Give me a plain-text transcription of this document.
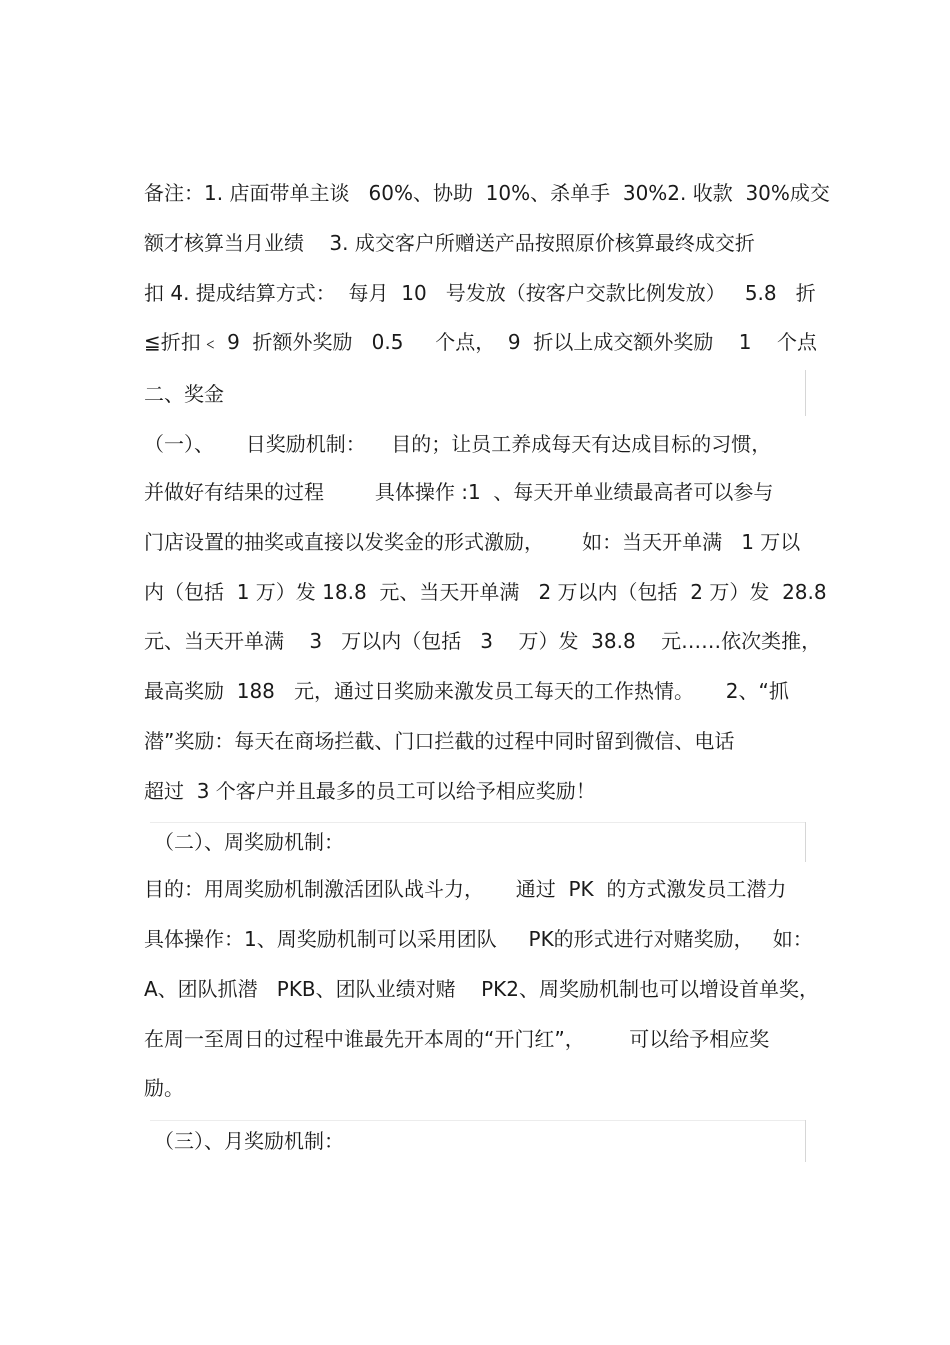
备注：1. 店面带单主谈   60%、协助  10%、杀单手  30%2. 收款  30%成交

额才核算当月业绩    3. 成交客户所赠送产品按照原价核算最终成交折

扣 4. 提成结算方式：  每月  10   号发放（按客户交款比例发放）   5.8   折

≦折扣﹤ 9  折额外奖励   0.5     个点，  9  折以上成交额外奖励    1    个点

二、奖金

（一）、     日奖励机制：    目的；让员工养成每天有达成目标的习惯，

并做好有结果的过程        具体操作 :1  、每天开单业绩最高者可以参与

门店设置的抽奖或直接以发奖金的形式激励，      如：当天开单满   1 万以

内（包括  1 万）发 18.8  元、当天开单满   2 万以内（包括  2 万）发  28.8

元、当天开单满    3   万以内（包括   3    万）发  38.8    元……依次类推，

最高奖励  188   元，通过日奖励来激发员工每天的工作热情。     2、“抓

潜”奖励：每天在商场拦截、门口拦截的过程中同时留到微信、电话

超过  3 个客户并且最多的员工可以给予相应奖励！

（二）、周奖励机制：

目的：用周奖励机制激活团队战斗力，     通过  PK  的方式激发员工潜力

具体操作：1、周奖励机制可以采用团队     PK的形式进行对赌奖励，   如：

A、团队抓潜   PKB、团队业绩对赌    PK2、周奖励机制也可以增设首单奖，

在周一至周日的过程中谁最先开本周的“开门红”，       可以给予相应奖

励。

（三）、月奖励机制：
